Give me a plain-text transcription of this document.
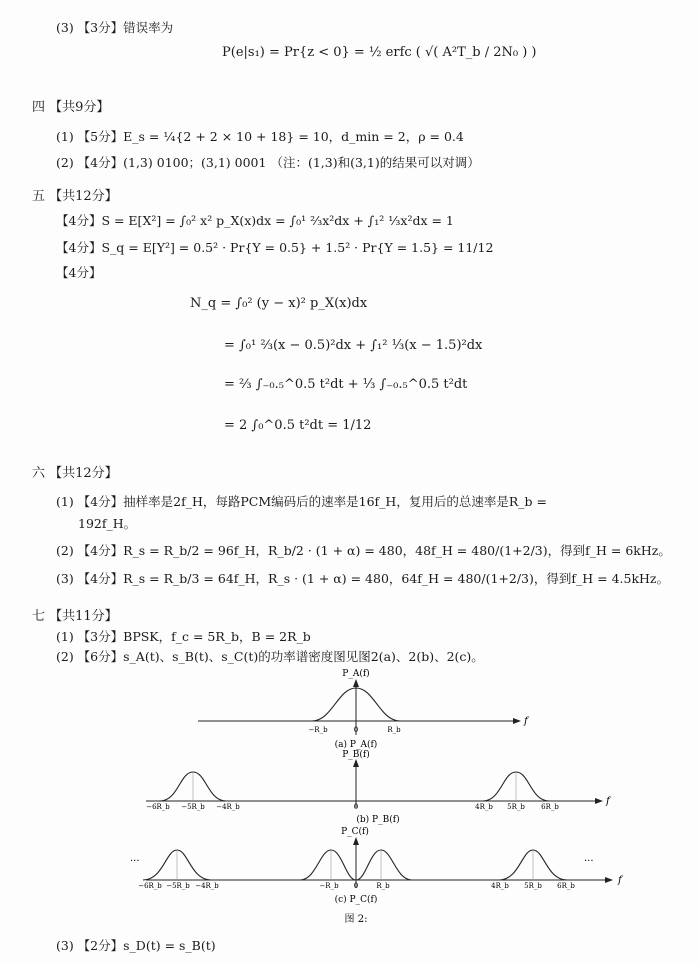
(3) 【3分】错误率为
P(e|s₁) = Pr{z < 0} = ½ erfc ( √( A²T_b / 2N₀ ) )
四 【共9分】
(1) 【5分】E_s = ¼{2 + 2 × 10 + 18} = 10，d_min = 2，ρ = 0.4
(2) 【4分】(1,3) 0100；(3,1) 0001 （注：(1,3)和(3,1)的结果可以对调）
五 【共12分】
【4分】S = E[X²] = ∫₀² x² p_X(x)dx = ∫₀¹ ⅔x²dx + ∫₁² ⅓x²dx = 1
【4分】S_q = E[Y²] = 0.5² · Pr{Y = 0.5} + 1.5² · Pr{Y = 1.5} = 11/12
【4分】
N_q = ∫₀² (y − x)² p_X(x)dx
= ∫₀¹ ⅔(x − 0.5)²dx + ∫₁² ⅓(x − 1.5)²dx
= ⅔ ∫₋₀.₅^0.5 t²dt + ⅓ ∫₋₀.₅^0.5 t²dt
= 2 ∫₀^0.5 t²dt = 1/12
六 【共12分】
(1) 【4分】抽样率是2f_H，每路PCM编码后的速率是16f_H，复用后的总速率是R_b =
192f_H。
(2) 【4分】R_s = R_b/2 = 96f_H，R_b/2 · (1 + α) = 480，48f_H = 480/(1+2/3)，得到f_H = 6kHz。
(3) 【4分】R_s = R_b/3 = 64f_H，R_s · (1 + α) = 480，64f_H = 480/(1+2/3)，得到f_H = 4.5kHz。
七 【共11分】
(1) 【3分】BPSK，f_c = 5R_b，B = 2R_b
(2) 【6分】s_A(t)、s_B(t)、s_C(t)的功率谱密度图见图2(a)、2(b)、2(c)。
P_A(f)
f
−R_b	0	R_b
(a) P_A(f)
P_B(f)
f
−6R_b −5R_b −4R_b	0	4R_b 5R_b 6R_b
(b) P_B(f)
P_C(f)
···	···
f
−6R_b −5R_b −4R_b	−R_b 0	R_b	4R_b 5R_b 6R_b
(c) P_C(f)
图 2:
(3) 【2分】s_D(t) = s_B(t)
